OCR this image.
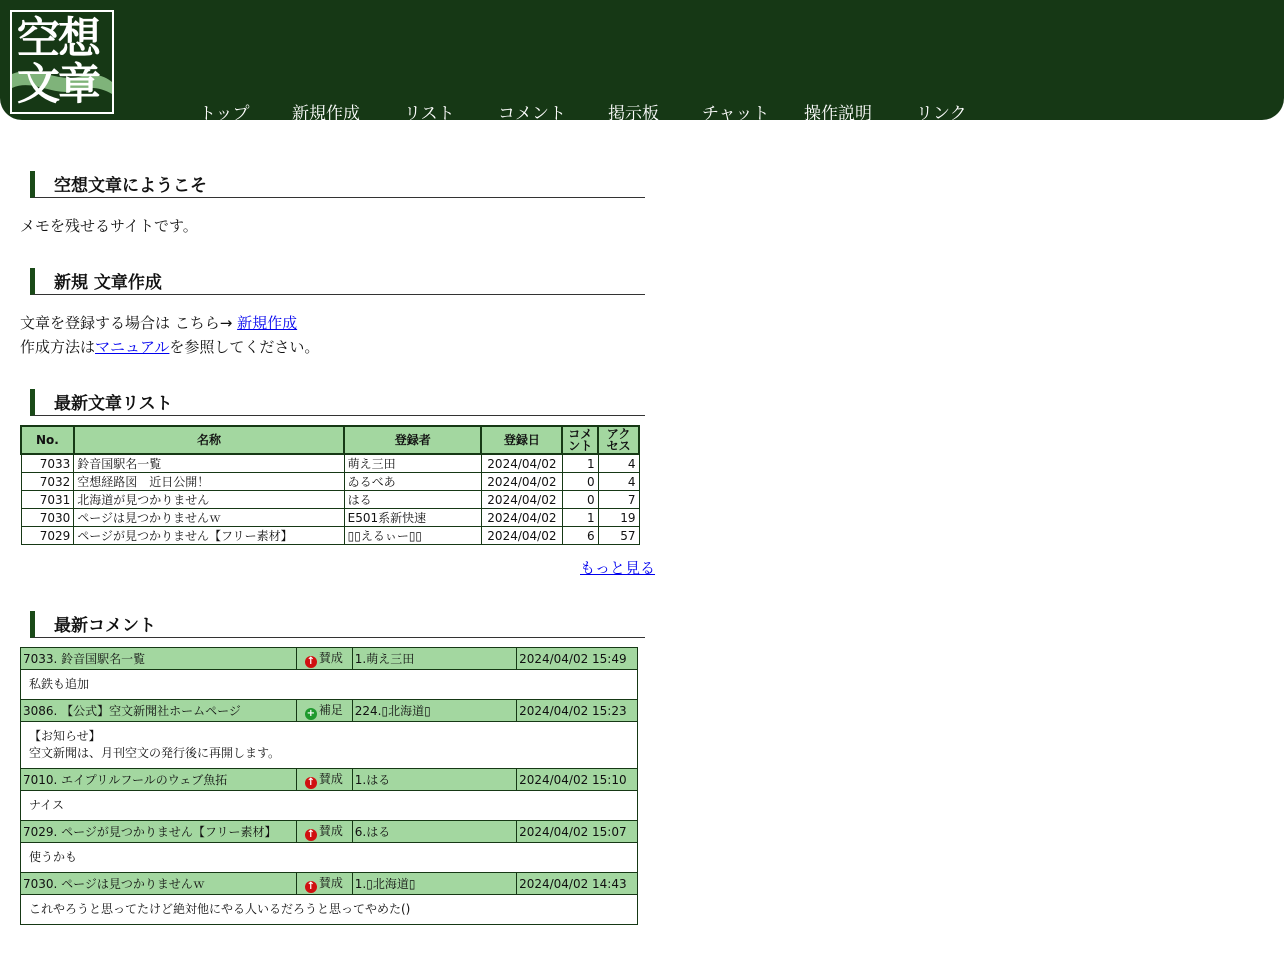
空想
文章
トップ	新規作成	リスト	コメント 掲示板	チャット 操作説明	リンク
空想文章にようこそ
メモを残せるサイトです。
新規 文章作成
文章を登録する場合は こちら→ 新規作成
作成方法はマニュアルを参照してください。
最新文章リスト
No.	名称	登録者	登録日	コメント	アクセス
7033	鈴音国駅名一覧	萌え三田	2024/04/02	1	4
7032	空想経路図　近日公開！	ゐるべあ	2024/04/02	0	4
7031	北海道が見つかりません	はる	2024/04/02	0	7
7030	ページは見つかりませんｗ	E501系新快速	2024/04/02	1	19
7029	ページが見つかりません【フリー素材】	▯▯えるぃー▯▯	2024/04/02	6	57
もっと見る
最新コメント
7033. 鈴音国駅名一覧	↑ 賛成	1.萌え三田	2024/04/02 15:49

私鉄も追加			

3086. 【公式】空文新聞社ホームページ	+ 補足	224.▯北海道▯	2024/04/02 15:23

【お知らせ】
空文新聞は、月刊空文の発行後に再開します。			

7010. エイプリルフールのウェブ魚拓	↑ 賛成	1.はる	2024/04/02 15:10

ナイス			

7029. ページが見つかりません【フリー素材】	↑ 賛成	6.はる	2024/04/02 15:07

使うかも			

7030. ページは見つかりませんｗ	↑ 賛成	1.▯北海道▯	2024/04/02 14:43

これやろうと思ってたけど絶対他にやる人いるだろうと思ってやめた()			
